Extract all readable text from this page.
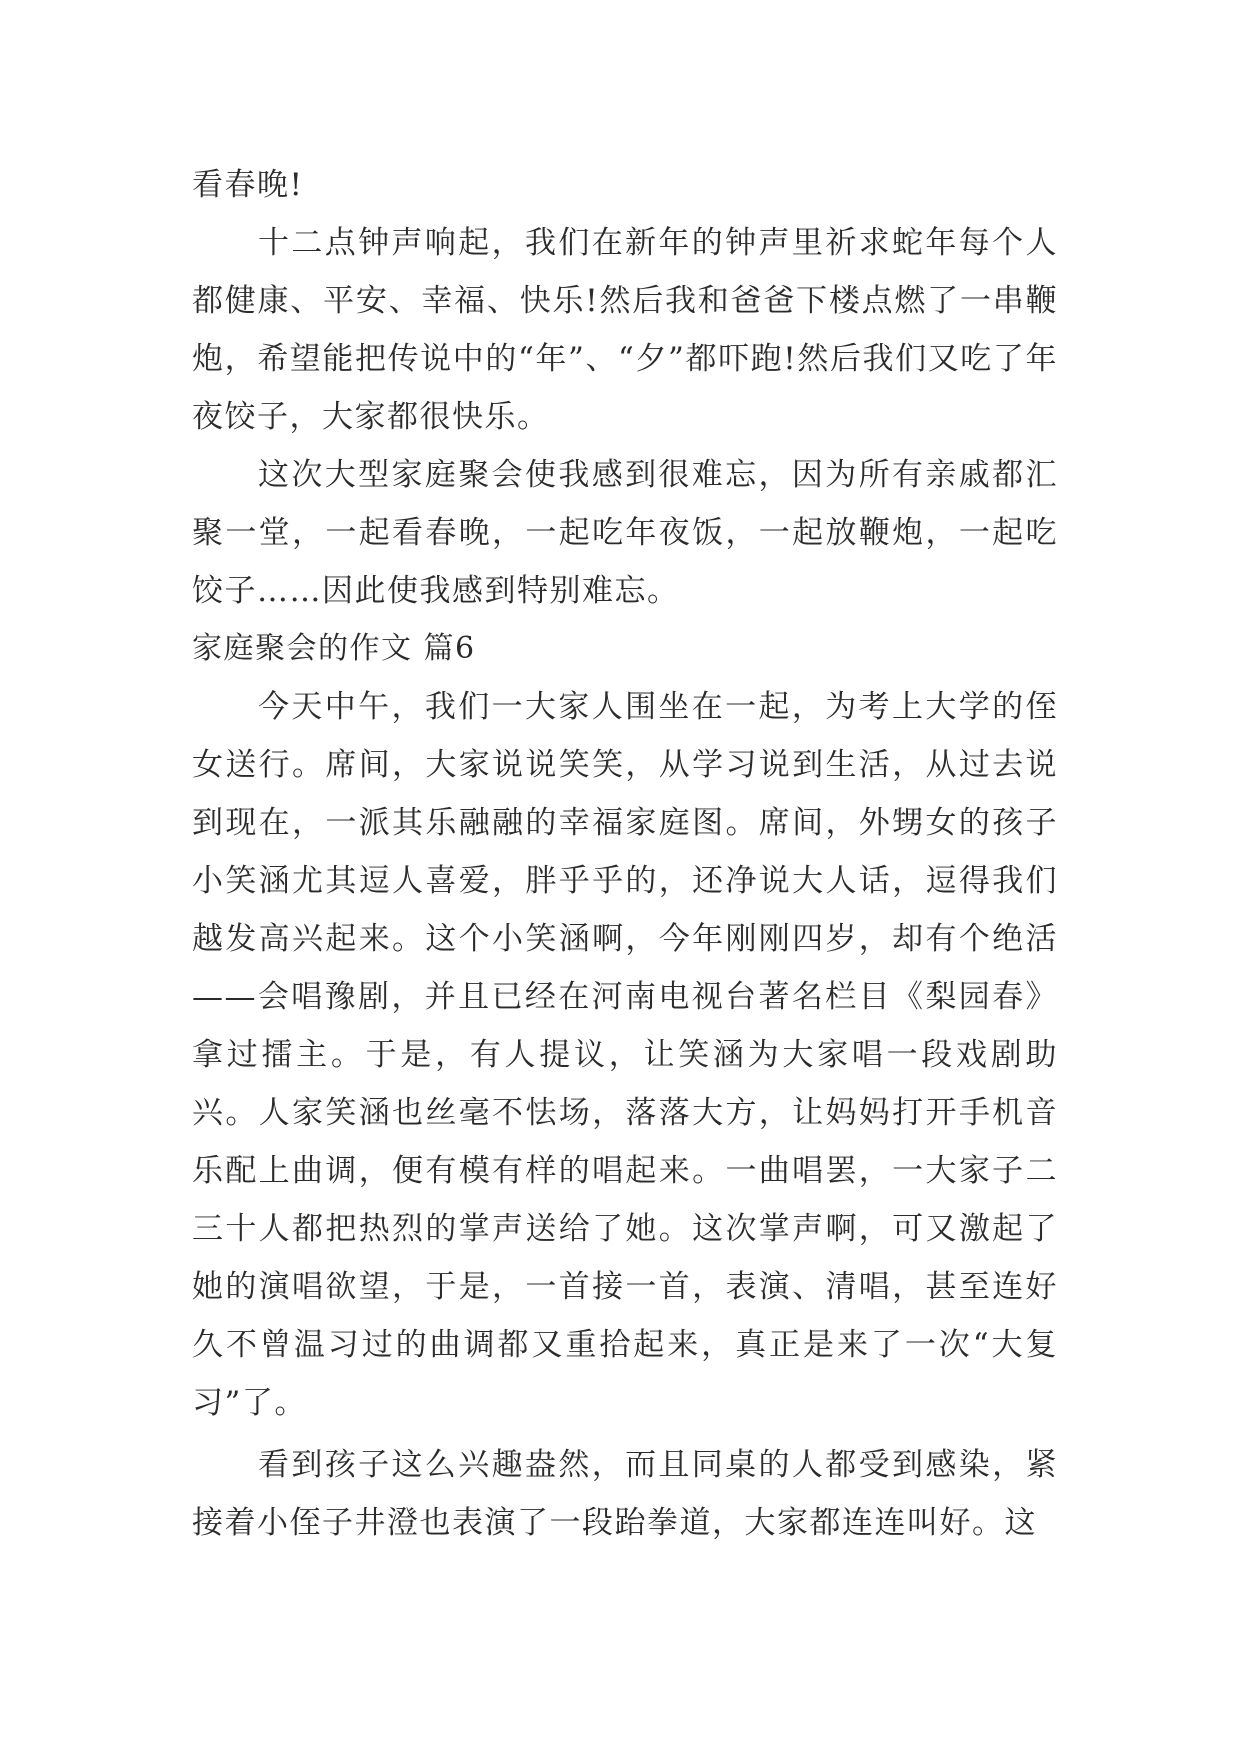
看春晚!

十二点钟声响起，我们在新年的钟声里祈求蛇年每个人都健康、平安、幸福、快乐!然后我和爸爸下楼点燃了一串鞭炮，希望能把传说中的“年”、“夕”都吓跑!然后我们又吃了年夜饺子，大家都很快乐。

这次大型家庭聚会使我感到很难忘，因为所有亲戚都汇聚一堂，一起看春晚，一起吃年夜饭，一起放鞭炮，一起吃饺子……因此使我感到特别难忘。

家庭聚会的作文 篇6

今天中午，我们一大家人围坐在一起，为考上大学的侄女送行。席间，大家说说笑笑，从学习说到生活，从过去说到现在，一派其乐融融的幸福家庭图。席间，外甥女的孩子小笑涵尤其逗人喜爱，胖乎乎的，还净说大人话，逗得我们越发高兴起来。这个小笑涵啊，今年刚刚四岁，却有个绝活——会唱豫剧，并且已经在河南电视台著名栏目《梨园春》拿过擂主。于是，有人提议，让笑涵为大家唱一段戏剧助兴。人家笑涵也丝毫不怯场，落落大方，让妈妈打开手机音乐配上曲调，便有模有样的唱起来。一曲唱罢，一大家子二三十人都把热烈的掌声送给了她。这次掌声啊，可又激起了她的演唱欲望，于是，一首接一首，表演、清唱，甚至连好久不曾温习过的曲调都又重拾起来，真正是来了一次“大复习”了。

看到孩子这么兴趣盎然，而且同桌的人都受到感染，紧接着小侄子井澄也表演了一段跆拳道，大家都连连叫好。这
